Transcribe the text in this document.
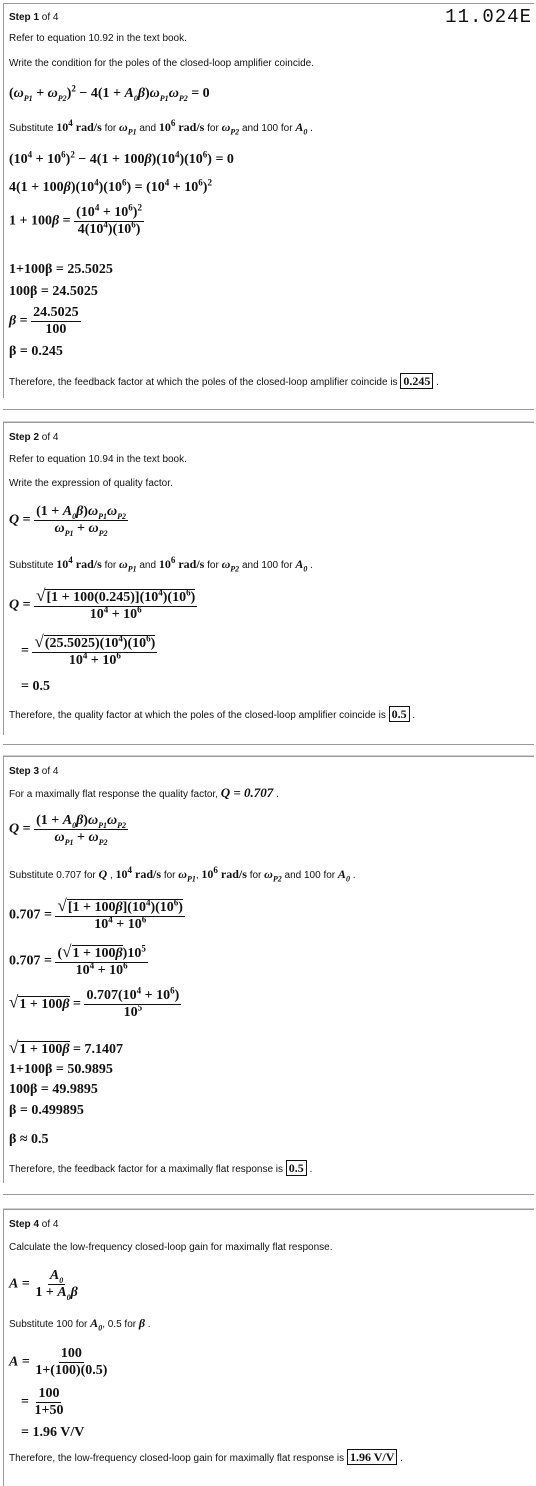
11.024E
Step 1 of 4
Refer to equation 10.92 in the text book.
Write the condition for the poles of the closed-loop amplifier coincide.
$(\omega_{P1} + \omega_{P2})^2 - 4(1 + A_0\beta)\omega_{P1}\omega_{P2} = 0$
Substitute $10^4$ rad/s for $\omega_{P1}$ and $10^6$ rad/s for $\omega_{P2}$ and 100 for $A_0$ .
$(10^4 + 10^6)^2 - 4(1 + 100\beta)(10^4)(10^6) = 0$
$4(1 + 100\beta)(10^4)(10^6) = (10^4 + 10^6)^2$
$1 + 100\beta = \frac{(10^4 + 10^6)^2}{4(10^4)(10^6)}$
1+100β = 25.5025
100β = 24.5025
$\beta = \frac{24.5025}{100}$
β = 0.245
Therefore, the feedback factor at which the poles of the closed-loop amplifier coincide is 0.245 .
Step 2 of 4
Refer to equation 10.94 in the text book.
Write the expression of quality factor.
$Q = \frac{(1 + A_0\beta)\omega_{P1}\omega_{P2}}{\omega_{P1} + \omega_{P2}}$
Substitute $10^4$ rad/s for $\omega_{P1}$ and $10^6$ rad/s for $\omega_{P2}$ and 100 for $A_0$ .
$Q = \frac{√[1 + 100(0.245)](10^4)(10^6)}{10^4 + 10^6}$
= $\frac{√(25.5025)(10^4)(10^6)}{10^4 + 10^6}$
= 0.5
Therefore, the quality factor at which the poles of the closed-loop amplifier coincide is 0.5 .
Step 3 of 4
For a maximally flat response the quality factor, Q = 0.707 .
$Q = \frac{(1 + A_0\beta)\omega_{P1}\omega_{P2}}{\omega_{P1} + \omega_{P2}}$
Substitute 0.707 for Q , $10^4$ rad/s for $\omega_{P1}$, $10^6$ rad/s for $\omega_{P2}$ and 100 for $A_0$ .
$0.707 = \frac{√[1 + 100\beta](10^4)(10^6)}{10^4 + 10^6}$
$0.707 = \frac{(√1 + 100\beta)10^5}{10^4 + 10^6}$
$√1 + 100\beta = \frac{0.707(10^4 + 10^6)}{10^5}$
√1 + 100β = 7.1407
1+100β = 50.9895
100β = 49.9895
β = 0.499895
β ≈ 0.5
Therefore, the feedback factor for a maximally flat response is 0.5 .
Step 4 of 4
Calculate the low-frequency closed-loop gain for maximally flat response.
$A = \frac{A_0}{1 + A_0\beta}$
Substitute 100 for $A_0$, 0.5 for β .
$A = \frac{100}{1+(100)(0.5)}$
= $\frac{100}{1+50}$
= 1.96 V/V
Therefore, the low-frequency closed-loop gain for maximally flat response is 1.96 V/V .
